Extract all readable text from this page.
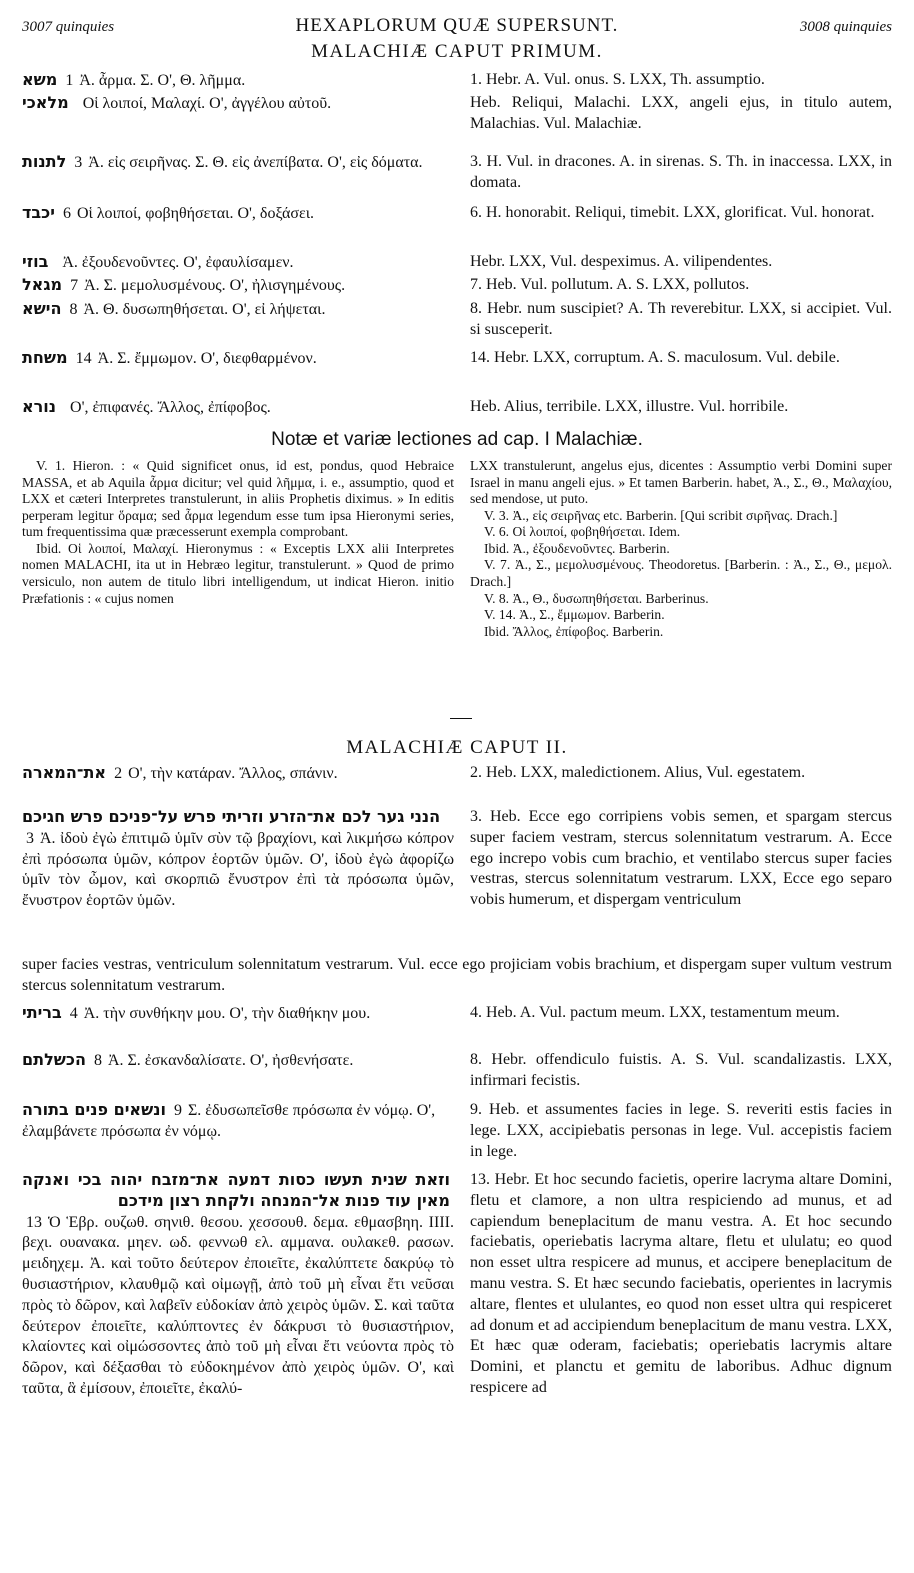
3007 quinquies	HEXAPLORUM QUÆ SUPERSUNT.	3008 quinquies
MALACHIÆ CAPUT PRIMUM.
משא 1 Ἀ. ἆρμα. Σ. Ο', Θ. λῆμμα.	1. Hebr. A. Vul. onus. S. LXX, Th. assumptio.
מלאכי Οἱ λοιποί, Μαλαχί. Ο', ἀγγέλου αὐτοῦ.	Heb. Reliqui, Malachi. LXX, angeli ejus, in titulo autem, Malachias. Vul. Malachiæ.
לתנות 3 Ἀ. εἰς σειρῆνας. Σ. Θ. εἰς ἀνεπίβατα. Ο', εἰς δόματα.	3. H. Vul. in dracones. A. in sirenas. S. Th. in inaccessa. LXX, in domata.
יכבד 6 Οἱ λοιποί, φοβηθήσεται. Ο', δοξάσει.	6. H. honorabit. Reliqui, timebit. LXX, glorificat. Vul. honorat.
בוזי Ἀ. ἐξουδενοῦντες. Ο', ἐφαυλίσαμεν.	Hebr. LXX, Vul. despeximus. A. vilipendentes.
מגאל 7 Ἀ. Σ. μεμολυσμένους. Ο', ἠλισγημένους.	7. Heb. Vul. pollutum. A. S. LXX, pollutos.
הישא 8 Ἀ. Θ. δυσωπηθήσεται. Ο', εἰ λήψεται.	8. Hebr. num suscipiet? A. Th reverebitur. LXX, si accipiet. Vul. si susceperit.
משחת 14 Ἀ. Σ. ἔμμωμον. Ο', διεφθαρμένον.	14. Hebr. LXX, corruptum. A. S. maculosum. Vul. debile.
נורא Ο', ἐπιφανές. Ἄλλος, ἐπίφοβος.	Heb. Alius, terribile. LXX, illustre. Vul. horribile.
Notæ et variæ lectiones ad cap. I Malachiæ.
V. 1. Hieron. : « Quid significet onus, id est, pondus, quod Hebraice MASSA, et ab Aquila ἆρμα dicitur; vel quid λῆμμα, i. e., assumptio, quod et LXX et cæteri Interpretes transtulerunt, in aliis Prophetis diximus. » In editis perperam legitur ὅραμα; sed ἆρμα legendum esse tum ipsa Hieronymi series, tum frequentissima quæ præcesserunt exempla comprobant.
Ibid. Οἱ λοιποί, Μαλαχί. Hieronymus : « Exceptis LXX alii Interpretes nomen MALACHI, ita ut in Hebræo legitur, transtulerunt. » Quod de primo versiculo, non autem de titulo libri intelligendum, ut indicat Hieron. initio Præfationis : « cujus nomen
LXX transtulerunt, angelus ejus, dicentes : Assumptio verbi Domini super Israel in manu angeli ejus. » Et tamen Barberin. habet, Ἀ., Σ., Θ., Μαλαχίου, sed mendose, ut puto.
V. 3. Ἀ., εἰς σειρῆνας etc. Barberin. [Qui scribit σιρῆνας. Drach.]
V. 6. Οἱ λοιποί, φοβηθήσεται. Idem.
Ibid. Ἀ., ἐξουδενοῦντες. Barberin.
V. 7. Ἀ., Σ., μεμολυσμένους. Theodoretus. [Barberin. : Ἀ., Σ., Θ., μεμολ. Drach.]
V. 8. Ἀ., Θ., δυσωπηθήσεται. Barberinus.
V. 14. Ἀ., Σ., ἔμμωμον. Barberin.
Ibid. Ἄλλος, ἐπίφοβος. Barberin.
MALACHIÆ CAPUT II.
את־המארה 2 Ο', τὴν κατάραν. Ἄλλος, σπάνιν.	2. Heb. LXX, maledictionem. Alius, Vul. egestatem.
הנני גער לכם את־הזרע וזריתי פרש על־פניכם פרש חגיכם3 Ἀ. ἰδοὺ ἐγὼ ἐπιτιμῶ ὑμῖν σὺν τῷ βραχίονι, καὶ λικμήσω κόπρον ἐπὶ πρόσωπα ὑμῶν, κόπρον ἑορτῶν ὑμῶν. Ο', ἰδοὺ ἐγὼ ἀφορίζω ὑμῖν τὸν ὦμον, καὶ σκορπιῶ ἔνυστρον ἐπὶ τὰ πρόσωπα ὑμῶν, ἔνυστρον ἑορτῶν ὑμῶν.
3. Heb. Ecce ego corripiens vobis semen, et spargam stercus super faciem vestram, stercus solennitatum vestrarum. A. Ecce ego increpo vobis cum brachio, et ventilabo stercus super facies vestras, stercus solennitatum vestrarum. LXX, Ecce ego separo vobis humerum, et dispergam ventriculum
super facies vestras, ventriculum solennitatum vestrarum. Vul. ecce ego projiciam vobis brachium, et dispergam super vultum vestrum stercus solennitatum vestrarum.
בריתי 4 Ἀ. τὴν συνθήκην μου. Ο', τὴν διαθήκην μου.	4. Heb. A. Vul. pactum meum. LXX, testamentum meum.
הכשלתם 8 Ἀ. Σ. ἐσκανδαλίσατε. Ο', ἠσθενήσατε.	8. Hebr. offendiculo fuistis. A. S. Vul. scandalizastis. LXX, infirmari fecistis.
ונשאים פנים בתורה 9 Σ. ἐδυσωπεῖσθε πρόσωπα ἐν νόμῳ. Ο', ἐλαμβάνετε πρόσωπα ἐν νόμῳ.
9. Heb. et assumentes facies in lege. S. reveriti estis facies in lege. LXX, accipiebatis personas in lege. Vul. accepistis faciem in lege.
וזאת שנית תעשו כסות דמעה את־מזבח יהוה בכי ואנקה מאין עוד פנות אל־המנחה ולקחת רצון מידכם13 Ὁ Ἑβρ. ουζωθ. σηνιθ. θεσου. χεσσουθ. δεμα. εθμασβηη. ΙΙΙΙ. βεχι. ουανακα. μηεν. ωδ. φεννωθ ελ. αμμανα. ουλακεθ. ρασων. μειδηχεμ. Ἀ. καὶ τοῦτο δεύτερον ἐποιεῖτε, ἐκαλύπτετε δακρύῳ τὸ θυσιαστήριον, κλαυθμῷ καὶ οἰμωγῇ, ἀπὸ τοῦ μὴ εἶναι ἔτι νεῦσαι πρὸς τὸ δῶρον, καὶ λαβεῖν εὐδοκίαν ἀπὸ χειρὸς ὑμῶν. Σ. καὶ ταῦτα δεύτερον ἐποιεῖτε, καλύπτοντες ἐν δάκρυσι τὸ θυσιαστήριον, κλαίοντες καὶ οἰμώσσοντες ἀπὸ τοῦ μὴ εἶναι ἔτι νεύοντα πρὸς τὸ δῶρον, καὶ δέξασθαι τὸ εὐδοκημένον ἀπὸ χειρὸς ὑμῶν. Ο', καὶ ταῦτα, ἃ ἐμίσουν, ἐποιεῖτε, ἐκαλύ-
13. Hebr. Et hoc secundo facietis, operire lacryma altare Domini, fletu et clamore, a non ultra respiciendo ad munus, et ad capiendum beneplacitum de manu vestra. A. Et hoc secundo faciebatis, operiebatis lacryma altare, fletu et ululatu; eo quod non esset ultra respicere ad munus, et accipere beneplacitum de manu vestra. S. Et hæc secundo faciebatis, operientes in lacrymis altare, flentes et ululantes, eo quod non esset ultra qui respiceret ad donum et ad accipiendum beneplacitum de manu vestra. LXX, Et hæc quæ oderam, faciebatis; operiebatis lacrymis altare Domini, et planctu et gemitu de laboribus. Adhuc dignum respicere ad
